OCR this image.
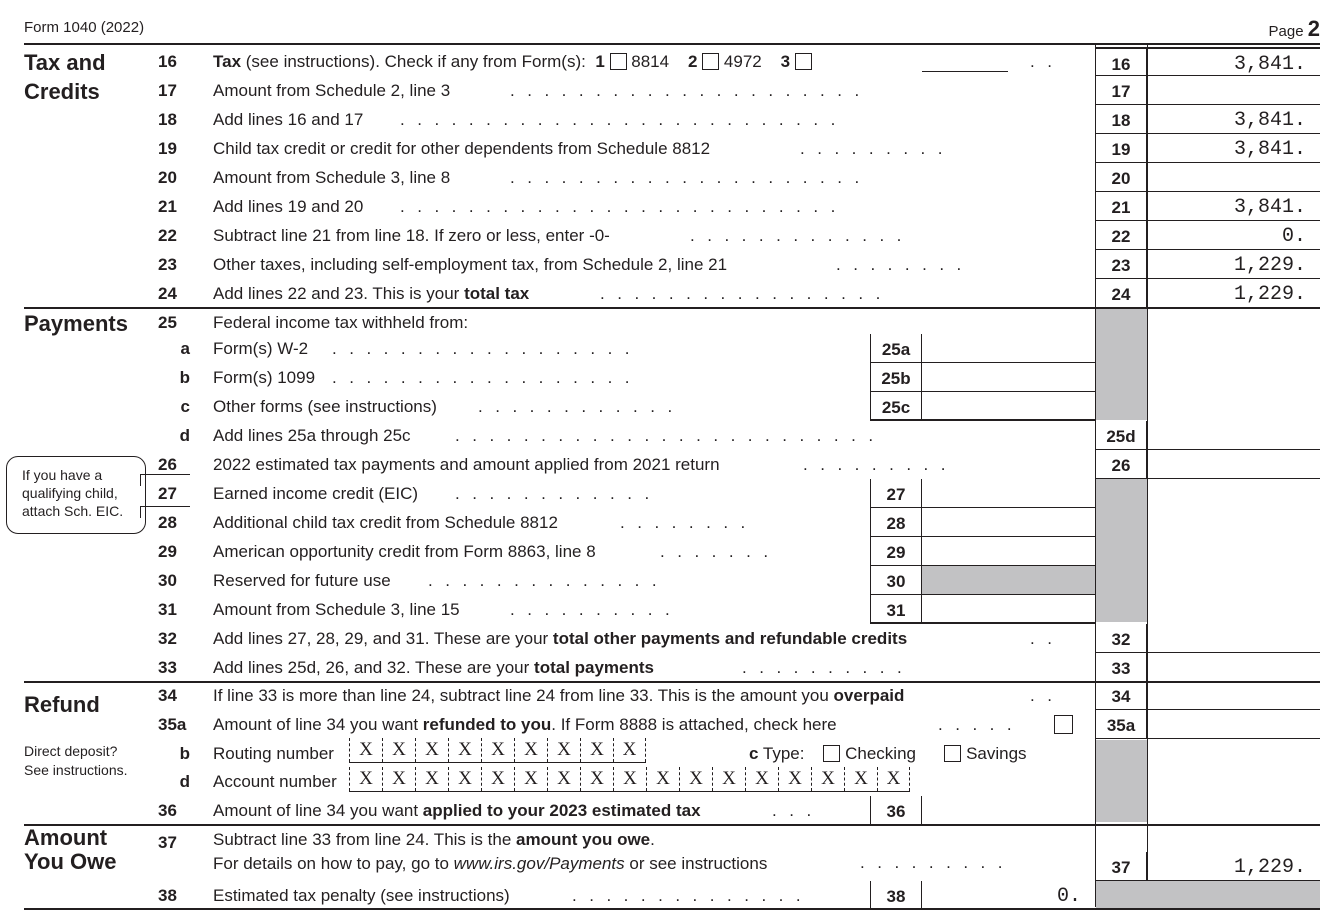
Form 1040 (2022)	Page 2
Tax and
Credits
16	Tax (see instructions). Check if any from Form(s): 1 8814 2 4972 3	..	16	3,841.
17	Amount from Schedule 2, line 3	.....................	17
18	Add lines 16 and 17 ..........................	18	3,841.
19	Child tax credit or credit for other dependents from Schedule 8812	.........	19	3,841.
20	Amount from Schedule 3, line 8	.....................	20
21	Add lines 19 and 20 ..........................	21	3,841.
22	Subtract line 21 from line 18. If zero or less, enter -0-	.............	22	0.
23	Other taxes, including self-employment tax, from Schedule 2, line 21	........	23	1,229.
24	Add lines 22 and 23. This is your total tax	.................	24	1,229.
Payments 25	Federal income tax withheld from:
a Form(s) W-2 ..................	25a
b Form(s) 1099 ..................	25b
c Other forms (see instructions) ............	25c
d Add lines 25a through 25c	.........................	25d
If you have a
qualifying child,
attach Sch. EIC.
26	2022 estimated tax payments and amount applied from 2021 return	.........	26
27	Earned income credit (EIC) ............	27
28	Additional child tax credit from Schedule 8812	........	28
29	American opportunity credit from Form 8863, line 8	.......	29
30	Reserved for future use ..............	30
31	Amount from Schedule 3, line 15	..........	31
32	Add lines 27, 28, 29, and 31. These are your total other payments and refundable credits	..	32
33	Add lines 25d, 26, and 32. These are your total payments	..........	33
Refund
Direct deposit?
See instructions.
34	If line 33 is more than line 24, subtract line 24 from line 33. This is the amount you overpaid	..	34
35a	Amount of line 34 you want refunded to you. If Form 8888 is attached, check here	.....	35a
b Routing number	X	X	X	X	X	X	X	X X	c Type: Checking	Savings
d Account number	X	X	X	X	X	X	X	X	X	X	X	X	X	X	X	X X
36	Amount of line 34 you want applied to your 2023 estimated tax	...	36
Amount
You Owe
37 Subtract line 33 from line 24. This is the amount you owe.
For details on how to pay, go to www.irs.gov/Payments or see instructions	.........	37	1,229.
38	Estimated tax penalty (see instructions)	..............	38	0.
